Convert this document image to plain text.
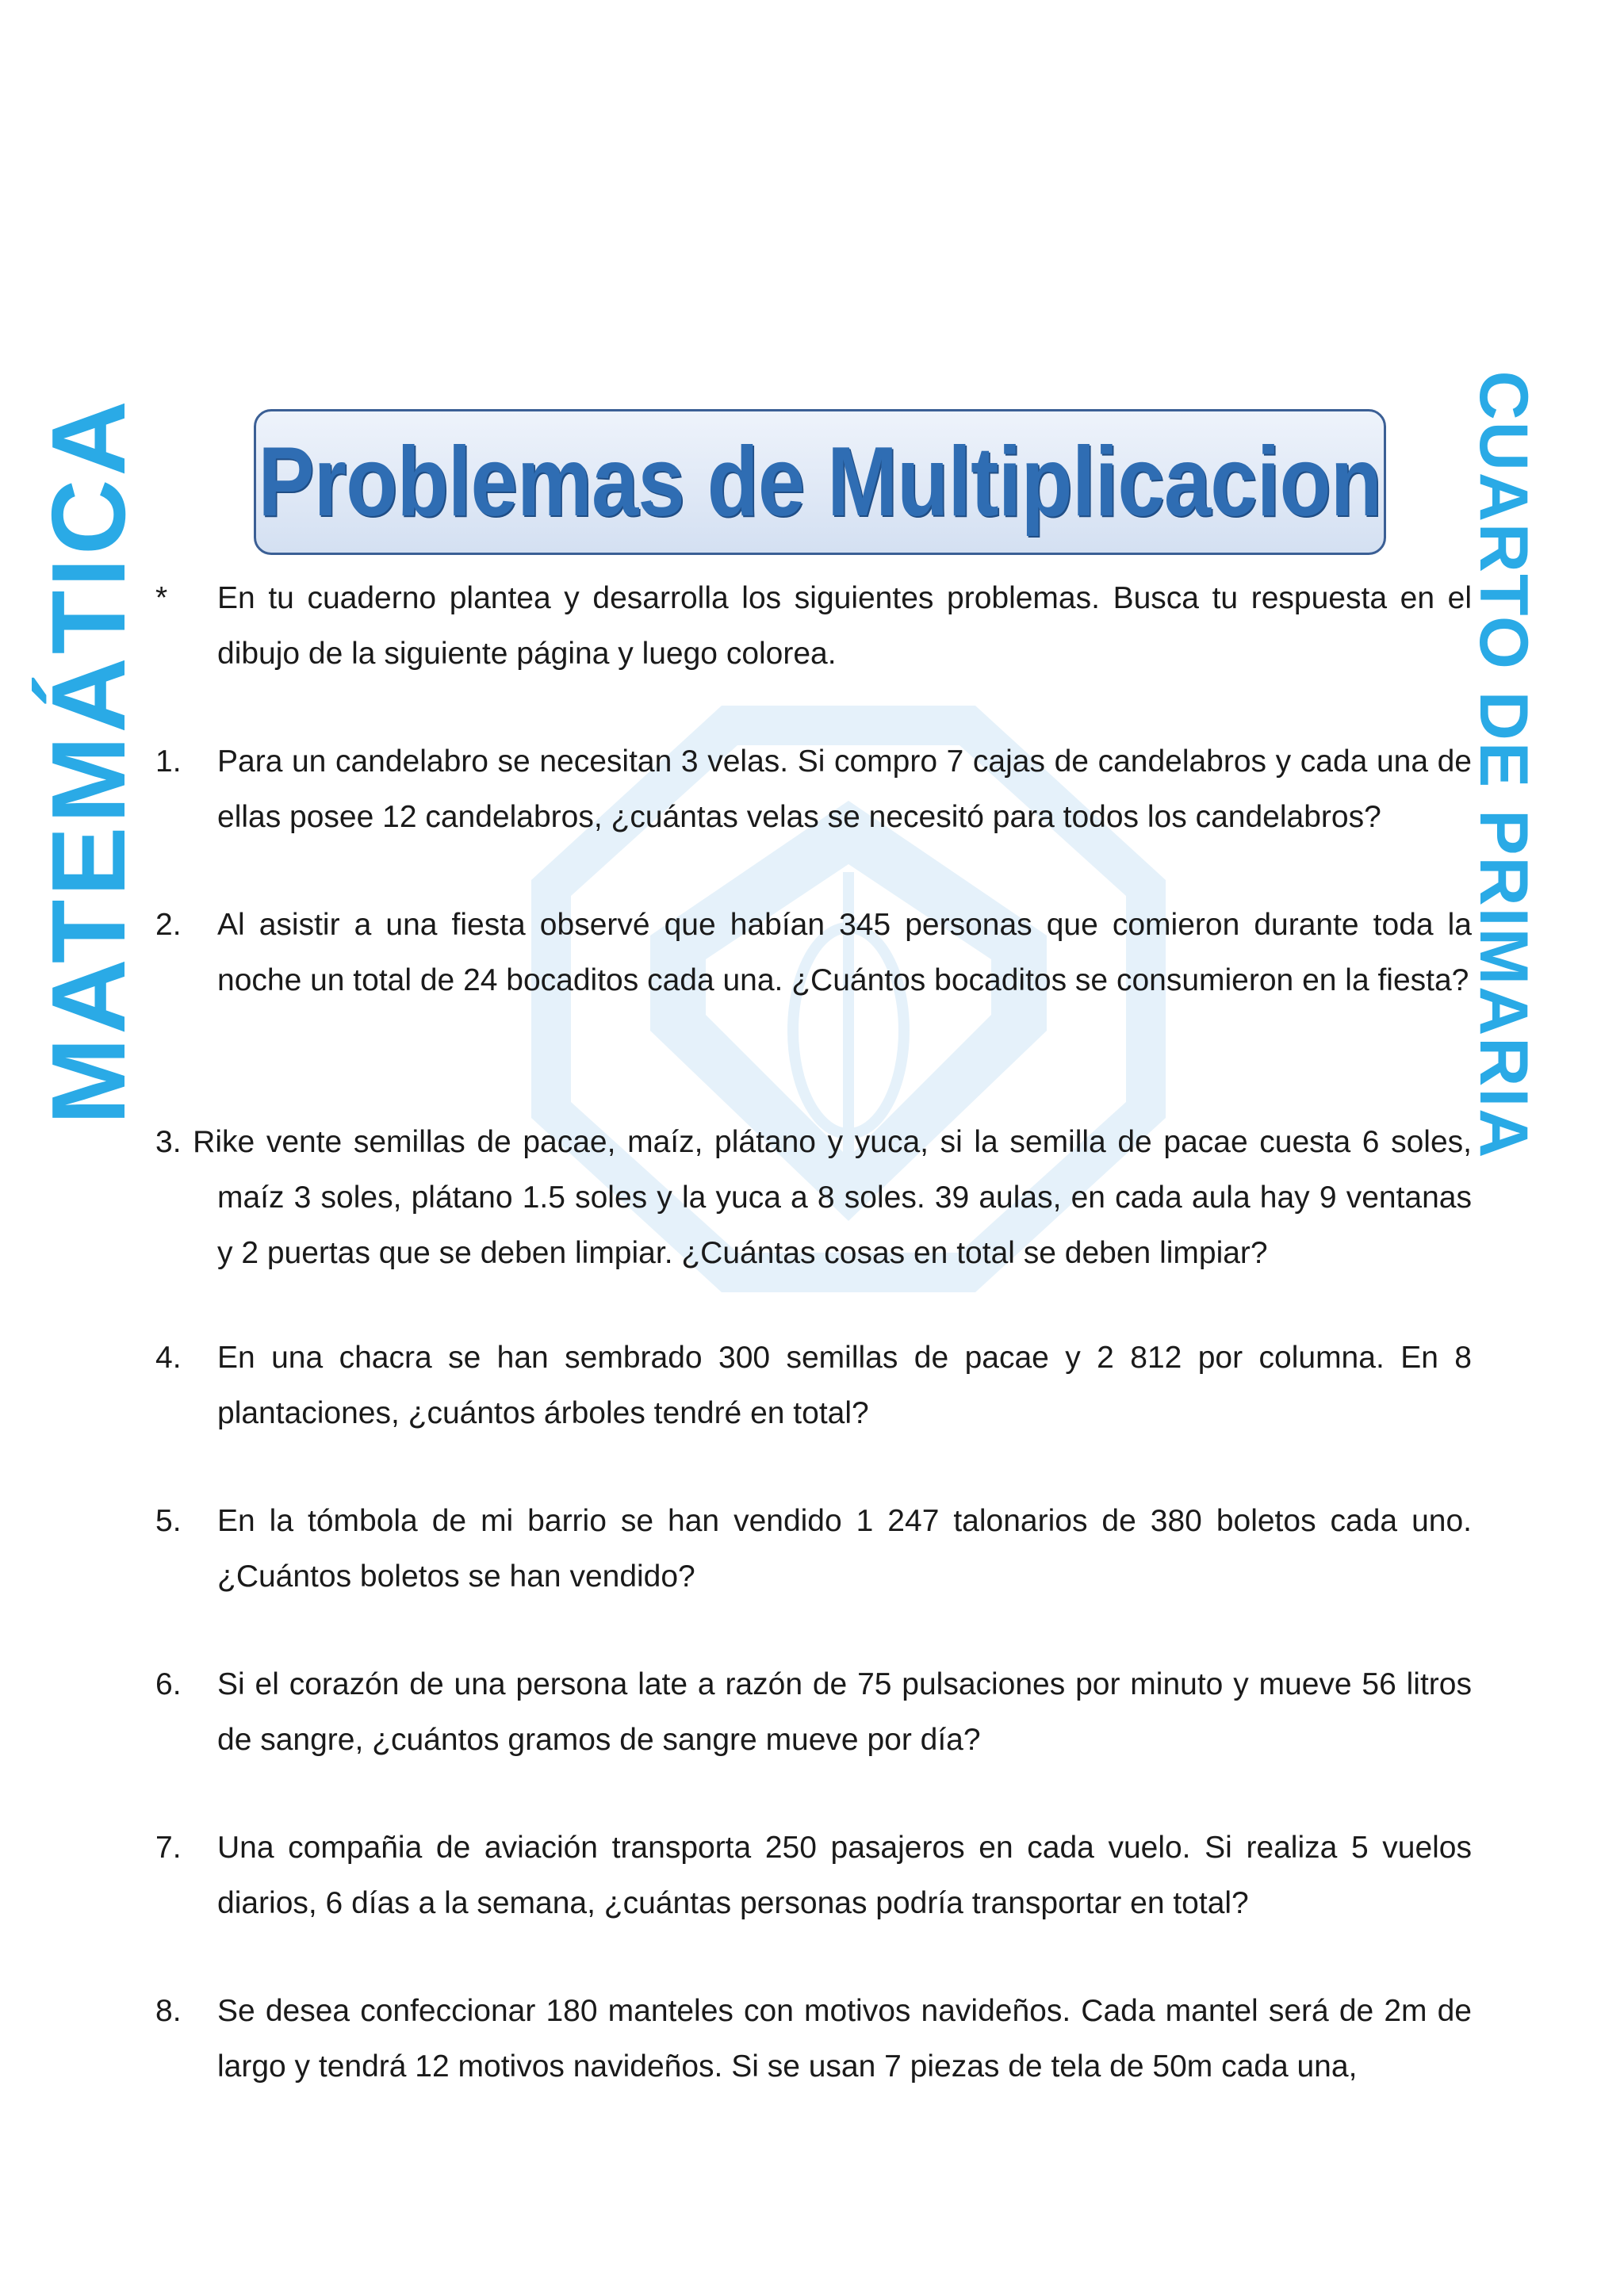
MATEMÁTICA	CUARTO DE PRIMARIA
Problemas de Multiplicacion
* En tu cuaderno plantea y desarrolla los siguientes problemas. Busca tu respuesta en el dibujo de la siguiente página y luego colorea.
1. Para un candelabro se necesitan 3 velas. Si compro 7 cajas de candelabros y cada una de ellas posee 12 candelabros, ¿cuántas velas se necesitó para todos los candelabros?
2. Al asistir a una fiesta observé que habían 345 personas que comieron durante toda la noche un total de 24 bocaditos cada una. ¿Cuántos bocaditos se consumieron en la fiesta?
3. Rike vente semillas de pacae, maíz, plátano y yuca, si la semilla de pacae cuesta 6 soles, maíz 3 soles, plátano 1.5 soles y la yuca a 8 soles. 39 aulas, en cada aula hay 9 ventanas y 2 puertas que se deben limpiar. ¿Cuántas cosas en total se deben limpiar?
4. En una chacra se han sembrado 300 semillas de pacae y 2 812 por columna. En 8 plantaciones, ¿cuántos árboles tendré en total?
5. En la tómbola de mi barrio se han vendido 1 247 talonarios de 380 boletos cada uno. ¿Cuántos boletos se han vendido?
6. Si el corazón de una persona late a razón de 75 pulsaciones por minuto y mueve 56 litros de sangre, ¿cuántos gramos de sangre mueve por día?
7. Una compañia de aviación transporta 250 pasajeros en cada vuelo. Si realiza 5 vuelos diarios, 6 días a la semana, ¿cuántas personas podría transportar en total?
8. Se desea confeccionar 180 manteles con motivos navideños. Cada mantel será de 2m de largo y tendrá 12 motivos navideños. Si se usan 7 piezas de tela de 50m cada una,
